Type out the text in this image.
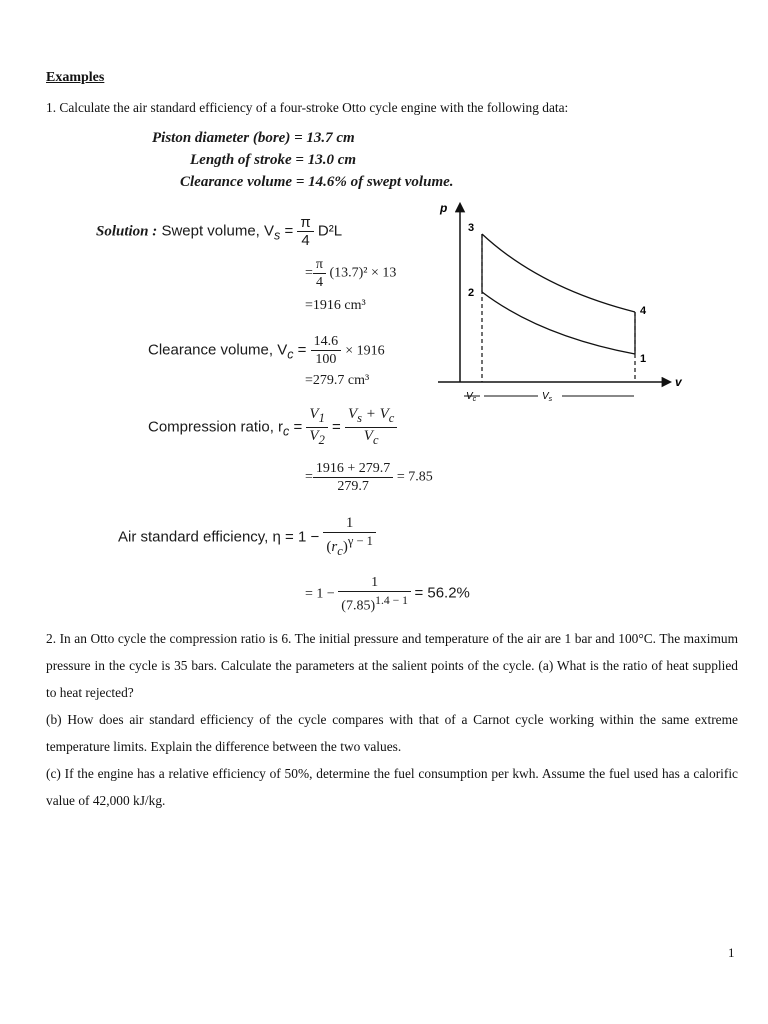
Examples
1. Calculate the air standard efficiency of a four-stroke Otto cycle engine with the following data:
Piston diameter (bore) = 13.7 cm
Length of stroke = 13.0 cm
Clearance volume = 14.6% of swept volume.
Solution : Swept volume, $V_s = \frac{\pi}{4} D^2L$
= $\frac{\pi}{4} (13.7)^2 \times 13$
=1916 cm³
Clearance volume, $V_c = \frac{14.6}{100} \times 1916$
=279.7 cm³
Compression ratio, $r_c = \frac{V_1}{V_2} = \frac{V_s + V_c}{V_c}$
= $\frac{1916 + 279.7}{279.7} = 7.85$
Air standard efficiency, $\eta = 1 - \frac{1}{(r_c)^{\gamma - 1}}$
= $1 - \frac{1}{(7.85)^{1.4 - 1}} = 56.2\%$
p
v
3
2
4
1
$V_c$	$V_s$
2. In an Otto cycle the compression ratio is 6. The initial pressure and temperature of the air are 1 bar and 100°C. The maximum pressure in the cycle is 35 bars. Calculate the parameters at the salient points of the cycle. (a) What is the ratio of heat supplied to heat rejected?
(b) How does air standard efficiency of the cycle compares with that of a Carnot cycle working within the same extreme temperature limits. Explain the difference between the two values.
(c) If the engine has a relative efficiency of 50%, determine the fuel consumption per kwh. Assume the fuel used has a calorific value of 42,000 kJ/kg.
1
